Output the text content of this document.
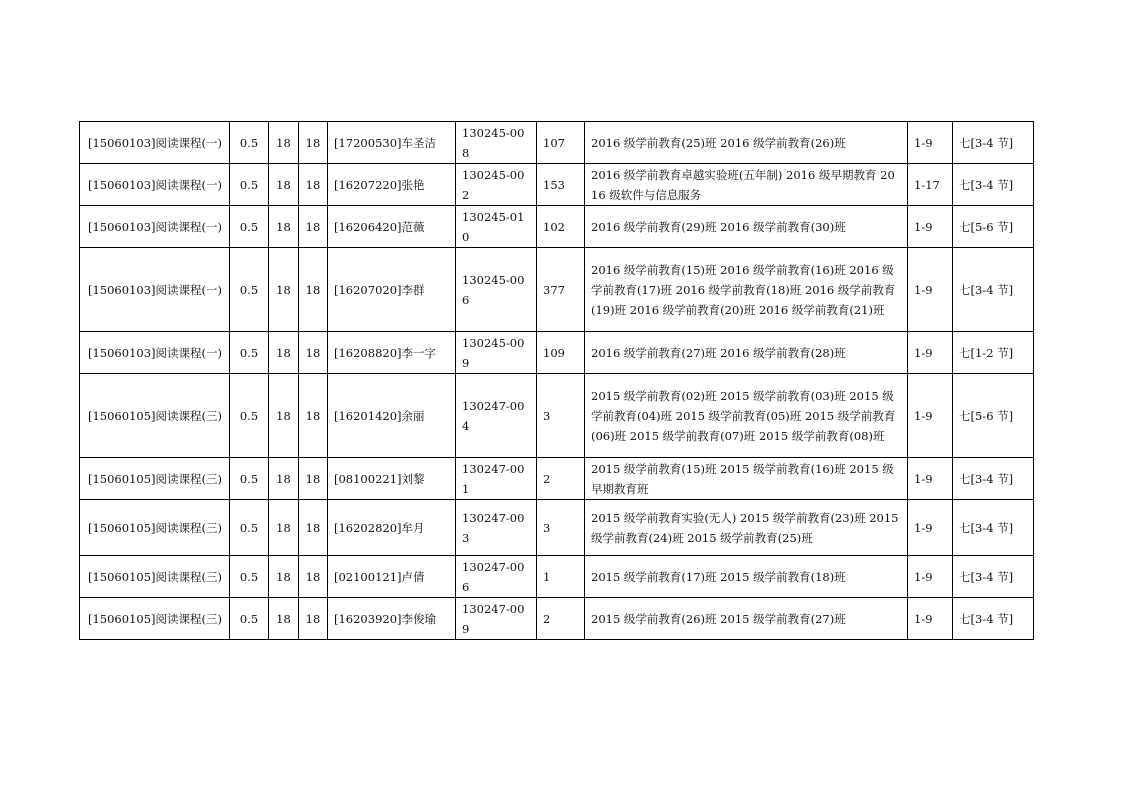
[15060103]阅读课程(一)	0.5	18	18	[17200530]车圣洁	130245-008	107	2016 级学前教育(25)班 2016 级学前教育(26)班	1-9	七[3-4 节]
[15060103]阅读课程(一)	0.5	18	18	[16207220]张艳	130245-002	153	2016 级学前教育卓越实验班(五年制) 2016 级早期教育 2016 级软件与信息服务	1-17	七[3-4 节]
[15060103]阅读课程(一)	0.5	18	18	[16206420]范薇	130245-010	102	2016 级学前教育(29)班 2016 级学前教育(30)班	1-9	七[5-6 节]
[15060103]阅读课程(一)	0.5	18	18	[16207020]李群	130245-006	377	2016 级学前教育(15)班 2016 级学前教育(16)班 2016 级学前教育(17)班 2016 级学前教育(18)班 2016 级学前教育(19)班 2016 级学前教育(20)班 2016 级学前教育(21)班	1-9	七[3-4 节]
[15060103]阅读课程(一)	0.5	18	18	[16208820]李一字	130245-009	109	2016 级学前教育(27)班 2016 级学前教育(28)班	1-9	七[1-2 节]
[15060105]阅读课程(三)	0.5	18	18	[16201420]余丽	130247-004	3	2015 级学前教育(02)班 2015 级学前教育(03)班 2015 级学前教育(04)班 2015 级学前教育(05)班 2015 级学前教育(06)班 2015 级学前教育(07)班 2015 级学前教育(08)班	1-9	七[5-6 节]
[15060105]阅读课程(三)	0.5	18	18	[08100221]刘黎	130247-001	2	2015 级学前教育(15)班 2015 级学前教育(16)班 2015 级早期教育班	1-9	七[3-4 节]
[15060105]阅读课程(三)	0.5	18	18	[16202820]牟月	130247-003	3	2015 级学前教育实验(无人) 2015 级学前教育(23)班 2015 级学前教育(24)班 2015 级学前教育(25)班	1-9	七[3-4 节]
[15060105]阅读课程(三)	0.5	18	18	[02100121]卢倩	130247-006	1	2015 级学前教育(17)班 2015 级学前教育(18)班	1-9	七[3-4 节]
[15060105]阅读课程(三)	0.5	18	18	[16203920]李俊瑜	130247-009	2	2015 级学前教育(26)班 2015 级学前教育(27)班	1-9	七[3-4 节]
